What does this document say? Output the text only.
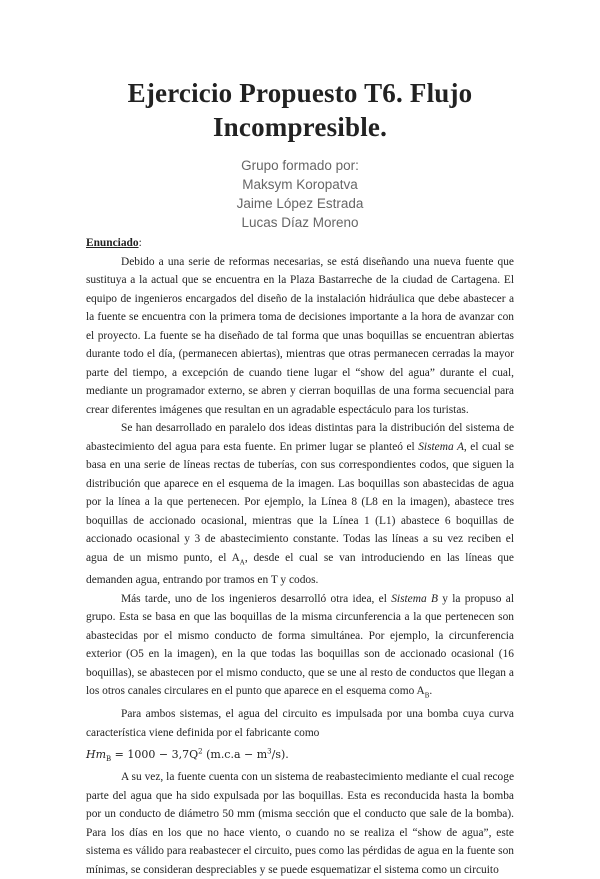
Ejercicio Propuesto T6. Flujo Incompresible.
Grupo formado por:
Maksym Koropatva
Jaime López Estrada
Lucas Díaz Moreno

Enunciado:

Debido a una serie de reformas necesarias, se está diseñando una nueva fuente que sustituya a la actual que se encuentra en la Plaza Bastarreche de la ciudad de Cartagena. El equipo de ingenieros encargados del diseño de la instalación hidráulica que debe abastecer a la fuente se encuentra con la primera toma de decisiones importante a la hora de avanzar con el proyecto. La fuente se ha diseñado de tal forma que unas boquillas se encuentran abiertas durante todo el día, (permanecen abiertas), mientras que otras permanecen cerradas la mayor parte del tiempo, a excepción de cuando tiene lugar el “show del agua” durante el cual, mediante un programador externo, se abren y cierran boquillas de una forma secuencial para crear diferentes imágenes que resultan en un agradable espectáculo para los turistas.

Se han desarrollado en paralelo dos ideas distintas para la distribución del sistema de abastecimiento del agua para esta fuente. En primer lugar se planteó el Sistema A, el cual se basa en una serie de líneas rectas de tuberías, con sus correspondientes codos, que siguen la distribución que aparece en el esquema de la imagen. Las boquillas son abastecidas de agua por la línea a la que pertenecen. Por ejemplo, la Línea 8 (L8 en la imagen), abastece tres boquillas de accionado ocasional, mientras que la Línea 1 (L1) abastece 6 boquillas de accionado ocasional y 3 de abastecimiento constante. Todas las líneas a su vez reciben el agua de un mismo punto, el $A_A$, desde el cual se van introduciendo en las líneas que demanden agua, entrando por tramos en T y codos.

Más tarde, uno de los ingenieros desarrolló otra idea, el Sistema B y la propuso al grupo. Esta se basa en que las boquillas de la misma circunferencia a la que pertenecen son abastecidas por el mismo conducto de forma simultánea. Por ejemplo, la circunferencia exterior (O5 en la imagen), en la que todas las boquillas son de accionado ocasional (16 boquillas), se abastecen por el mismo conducto, que se une al resto de conductos que llegan a los otros canales circulares en el punto que aparece en el esquema como $A_B$.

Para ambos sistemas, el agua del circuito es impulsada por una bomba cuya curva característica viene definida por el fabricante como
$Hm_B = 1000 - 3,7Q^2$ $(m.c.a - m^3/s)$.

A su vez, la fuente cuenta con un sistema de reabastecimiento mediante el cual recoge parte del agua que ha sido expulsada por las boquillas. Esta es reconducida hasta la bomba por un conducto de diámetro 50 mm (misma sección que el conducto que sale de la bomba). Para los días en los que no hace viento, o cuando no se realiza el “show de agua”, este sistema es válido para reabastecer el circuito, pues como las pérdidas de agua en la fuente son mínimas, se consideran despreciables y se puede esquematizar el sistema como un circuito
